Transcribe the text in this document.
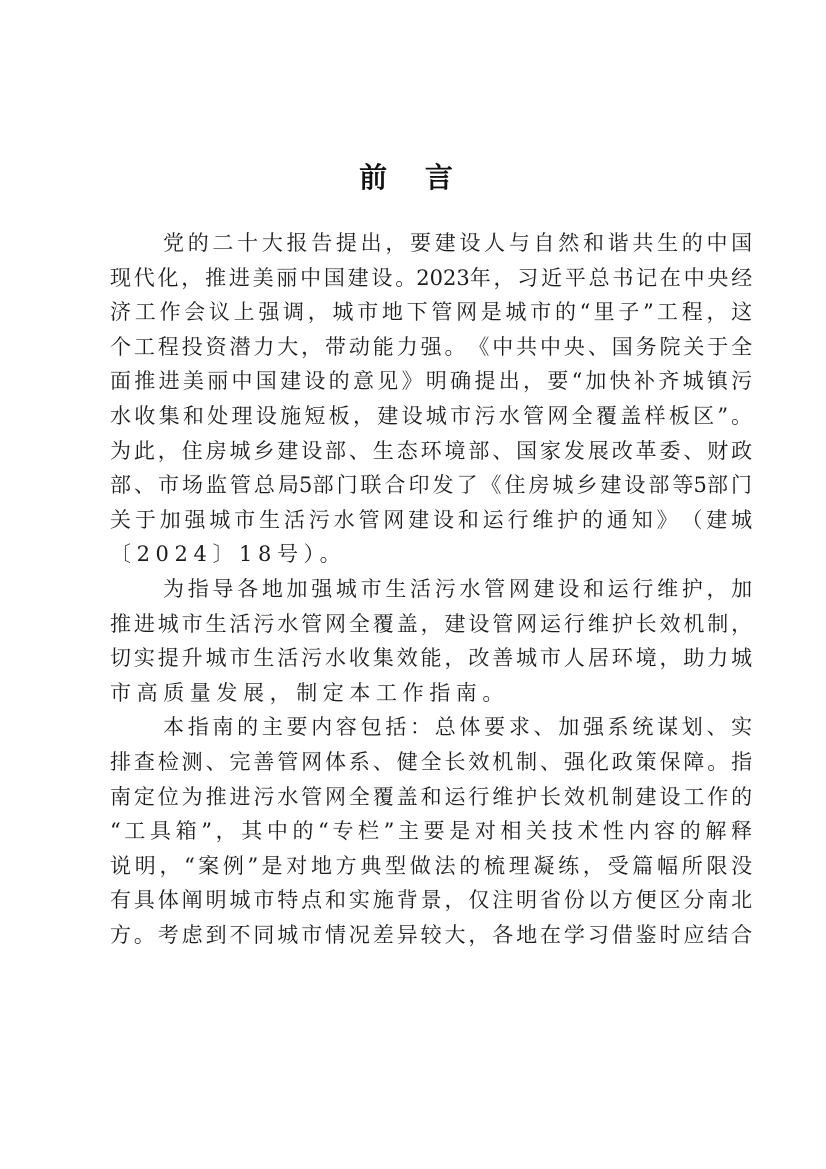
前 言
党​ 的​ 二​ 十​ 大​ 报​ 告​ 提​ 出​ ，​ 要​ 建​ 设​ 人​ 与​ 自​ 然​ 和​ 谐​ 共​ 生​ 的​ 中​ 国
现​ 代​ 化​ ，​ 推​ 进​ 美​ 丽​ 中​ 国​ 建​ 设​ 。2023年​ ，​ 习​ 近​ 平​ 总​ 书​ 记​ 在​ 中​ 央​ 经
济​ 工​ 作​ 会​ 议​ 上​ 强​ 调​ ，​ 城​ 市​ 地​ 下​ 管​ 网​ 是​ 城​ 市​ 的​ “​ 里​ 子​ ”​ 工​ 程​ ，​ 这
个​ 工​ 程​ 投​ 资​ 潜​ 力​ 大​ ，​ 带​ 动​ 能​ 力​ 强​ 。​ 《​ 中​ 共​ 中​ 央​ 、​ 国​ 务​ 院​ 关​ 于​ 全
面​ 推​ 进​ 美​ 丽​ 中​ 国​ 建​ 设​ 的​ 意​ 见​ 》​ 明​ 确​ 提​ 出​ ，​ 要​ “​ 加​ 快​ 补​ 齐​ 城​ 镇​ 污
水​ 收​ 集​ 和​ 处​ 理​ 设​ 施​ 短​ 板​ ，​ 建​ 设​ 城​ 市​ 污​ 水​ 管​ 网​ 全​ 覆​ 盖​ 样​ 板​ 区​ ”​ 。
为​ 此​ ，​ 住​ 房​ 城​ 乡​ 建​ 设​ 部​ 、​ 生​ 态​ 环​ 境​ 部​ 、​ 国​ 家​ 发​ 展​ 改​ 革​ 委​ 、​ 财​ 政
部​ 、​ 市​ 场​ 监​ 管​ 总​ 局5部​ 门​ 联​ 合​ 印​ 发​ 了​ 《​ 住​ 房​ 城​ 乡​ 建​ 设​ 部​ 等5部​ 门
关​ 于​ 加​ 强​ 城​ 市​ 生​ 活​ 污​ 水​ 管​ 网​ 建​ 设​ 和​ 运​ 行​ 维​ 护​ 的​ 通​ 知​ 》​ （​ 建​ 城
〔2024〕18号）。
为​ 指​ 导​ 各​ 地​ 加​ 强​ 城​ 市​ 生​ 活​ 污​ 水​ 管​ 网​ 建​ 设​ 和​ 运​ 行​ 维​ 护​ ，​ 加
推​ 进​ 城​ 市​ 生​ 活​ 污​ 水​ 管​ 网​ 全​ 覆​ 盖​ ，​ 建​ 设​ 管​ 网​ 运​ 行​ 维​ 护​ 长​ 效​ 机​ 制​ ，
切​ 实​ 提​ 升​ 城​ 市​ 生​ 活​ 污​ 水​ 收​ 集​ 效​ 能​ ，​ 改​ 善​ 城​ 市​ 人​ 居​ 环​ 境​ ，​ 助​ 力​ 城
市高质量发展，制定本工作指南。
本​ 指​ 南​ 的​ 主​ 要​ 内​ 容​ 包​ 括​ ：​ 总​ 体​ 要​ 求​ 、​ 加​ 强​ 系​ 统​ 谋​ 划​ 、​ 实
排​ 查​ 检​ 测​ 、​ 完​ 善​ 管​ 网​ 体​ 系​ 、​ 健​ 全​ 长​ 效​ 机​ 制​ 、​ 强​ 化​ 政​ 策​ 保​ 障​ 。​ 指
南​ 定​ 位​ 为​ 推​ 进​ 污​ 水​ 管​ 网​ 全​ 覆​ 盖​ 和​ 运​ 行​ 维​ 护​ 长​ 效​ 机​ 制​ 建​ 设​ 工​ 作​ 的
“​ 工​ 具​ 箱​ ”​ ，​ 其​ 中​ 的​ “​ 专​ 栏​ ”​ 主​ 要​ 是​ 对​ 相​ 关​ 技​ 术​ 性​ 内​ 容​ 的​ 解​ 释
说​ 明​ ，​ “​ 案​ 例​ ”​ 是​ 对​ 地​ 方​ 典​ 型​ 做​ 法​ 的​ 梳​ 理​ 凝​ 练​ ，​ 受​ 篇​ 幅​ 所​ 限​ 没
有​ 具​ 体​ 阐​ 明​ 城​ 市​ 特​ 点​ 和​ 实​ 施​ 背​ 景​ ，​ 仅​ 注​ 明​ 省​ 份​ 以​ 方​ 便​ 区​ 分​ 南​ 北
方​ 。​ 考​ 虑​ 到​ 不​ 同​ 城​ 市​ 情​ 况​ 差​ 异​ 较​ 大​ ，​ 各​ 地​ 在​ 学​ 习​ 借​ 鉴​ 时​ 应​ 结​ 合
